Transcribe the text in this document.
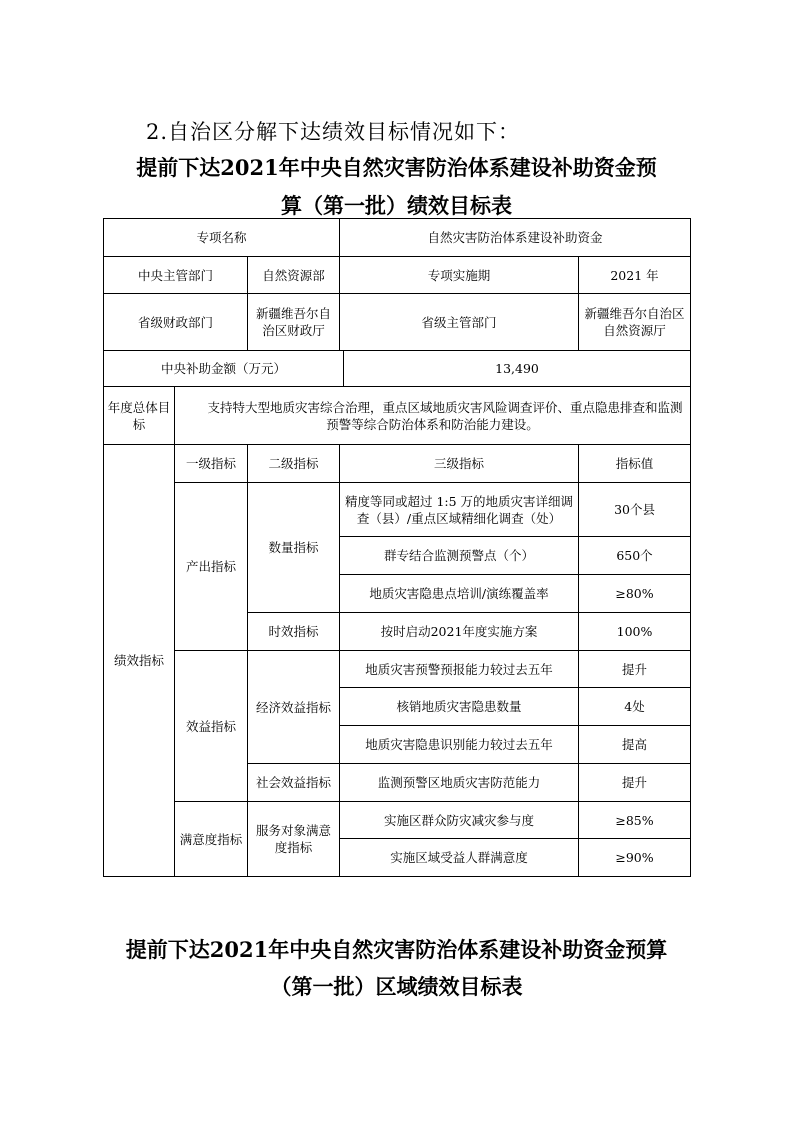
2.自治区分解下达绩效目标情况如下：
提前下达2021年中央自然灾害防治体系建设补助资金预
算（第一批）绩效目标表
专项名称			自然灾害防治体系建设补助资金		
中央主管部门		自然资源部	专项实施期		2021 年
省级财政部门		新疆维吾尔自治区财政厅	省级主管部门		新疆维吾尔自治区自然资源厅
中央补助金额（万元）				13,490	
年度总体目标	支持特大型地质灾害综合治理，重点区域地质灾害风险调查评价、重点隐患排查和监测预警等综合防治体系和防治能力建设。				
绩效指标	一级指标	二级指标	三级指标		指标值
	产出指标	数量指标	精度等同或超过 1:5 万的地质灾害详细调查（县）/重点区域精细化调查（处）		30个县
			群专结合监测预警点（个）		650个
			地质灾害隐患点培训/演练覆盖率		≥80%
		时效指标	按时启动2021年度实施方案		100%
	效益指标	经济效益指标	地质灾害预警预报能力较过去五年		提升
			核销地质灾害隐患数量		4处
			地质灾害隐患识别能力较过去五年		提高
		社会效益指标	监测预警区地质灾害防范能力		提升
	满意度指标	服务对象满意度指标	实施区群众防灾减灾参与度		≥85%
			实施区域受益人群满意度		≥90%
提前下达2021年中央自然灾害防治体系建设补助资金预算
（第一批）区域绩效目标表
